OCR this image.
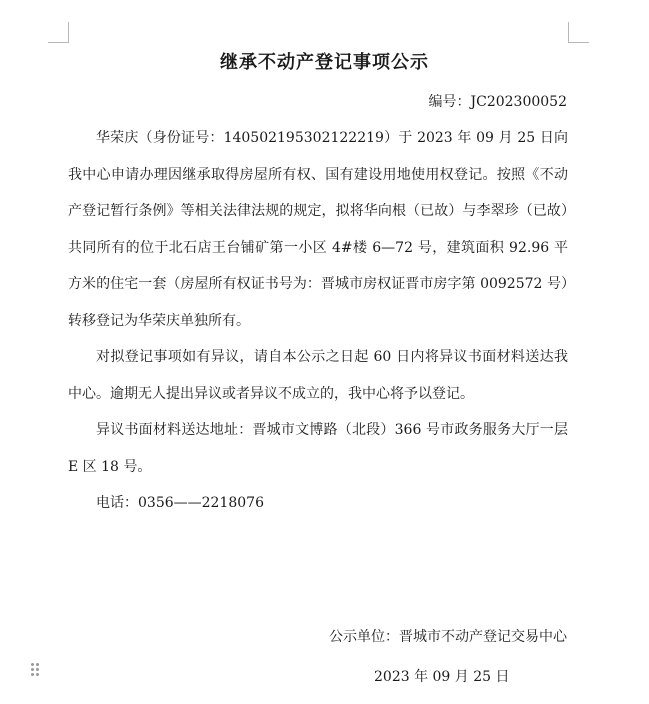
继承不动产登记事项公示
编号：JC202300052

华荣庆（身份证号：140502195302122219）于 2023 年 09 月 25 日向我中心申请办理因继承取得房屋所有权、国有建设用地使用权登记。按照《不动产登记暂行条例》等相关法律法规的规定，拟将华向根（已故）与李翠珍（已故）共同所有的位于北石店王台铺矿第一小区 4#楼 6—72 号，建筑面积 92.96 平方米的住宅一套（房屋所有权证书号为：晋城市房权证晋市房字第 0092572 号）转移登记为华荣庆单独所有。

对拟登记事项如有异议，请自本公示之日起 60 日内将异议书面材料送达我中心。逾期无人提出异议或者异议不成立的，我中心将予以登记。

异议书面材料送达地址：晋城市文博路（北段）366 号市政务服务大厅一层 E 区 18 号。

电话：0356——2218076

公示单位：晋城市不动产登记交易中心
2023 年 09 月 25 日
